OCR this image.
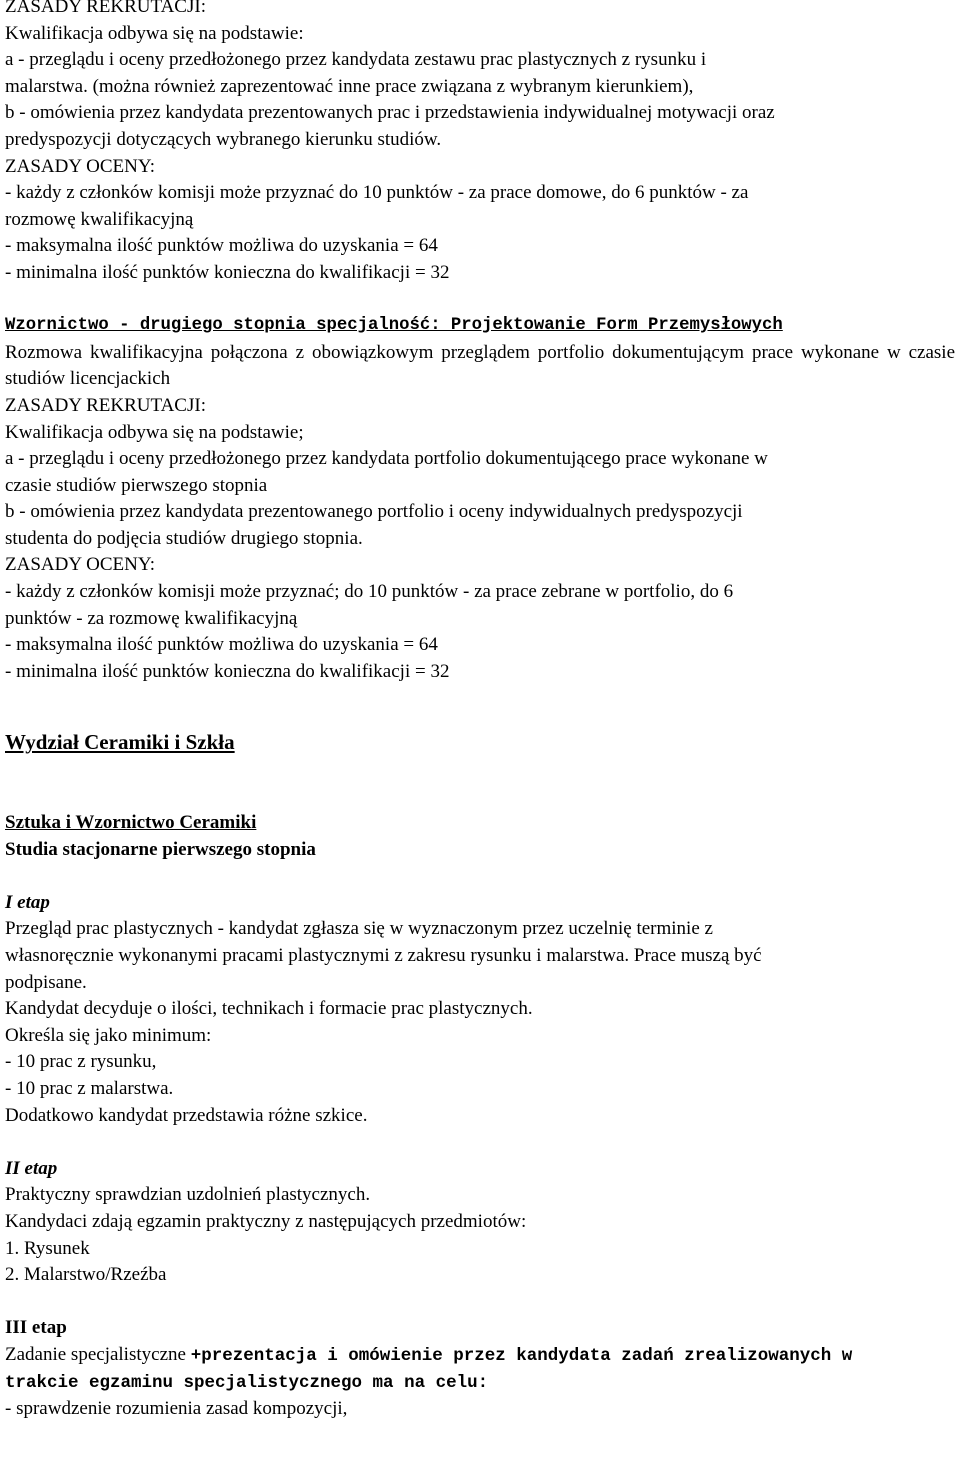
ZASADY REKRUTACJI:
Kwalifikacja odbywa się na podstawie:
a - przeglądu i oceny przedłożonego przez kandydata zestawu prac plastycznych z rysunku i
malarstwa. (można również zaprezentować inne prace związana z wybranym kierunkiem),
b - omówienia przez kandydata prezentowanych prac i przedstawienia indywidualnej motywacji oraz
predyspozycji dotyczących wybranego kierunku studiów.
ZASADY OCENY:
- każdy z członków komisji może przyznać do 10 punktów - za prace domowe, do 6 punktów - za
rozmowę kwalifikacyjną
- maksymalna ilość punktów możliwa do uzyskania = 64
- minimalna ilość punktów konieczna do kwalifikacji = 32
Wzornictwo - drugiego stopnia specjalność: Projektowanie Form Przemysłowych
Rozmowa kwalifikacyjna połączona z obowiązkowym przeglądem portfolio dokumentującym prace wykonane w czasie studiów licencjackich
ZASADY REKRUTACJI:
Kwalifikacja odbywa się na podstawie;
a - przeglądu i oceny przedłożonego przez kandydata portfolio dokumentującego prace wykonane w
czasie studiów pierwszego stopnia
b - omówienia przez kandydata prezentowanego portfolio i oceny indywidualnych predyspozycji
studenta do podjęcia studiów drugiego stopnia.
ZASADY OCENY:
- każdy z członków komisji może przyznać; do 10 punktów - za prace zebrane w portfolio, do 6
punktów - za rozmowę kwalifikacyjną
- maksymalna ilość punktów możliwa do uzyskania = 64
- minimalna ilość punktów konieczna do kwalifikacji = 32
Wydział Ceramiki i Szkła
Sztuka i Wzornictwo Ceramiki
Studia stacjonarne pierwszego stopnia
I etap
Przegląd prac plastycznych - kandydat zgłasza się w wyznaczonym przez uczelnię terminie z
własnoręcznie wykonanymi pracami plastycznymi z zakresu rysunku i malarstwa. Prace muszą być
podpisane.
Kandydat decyduje o ilości, technikach i formacie prac plastycznych.
Określa się jako minimum:
- 10 prac z rysunku,
- 10 prac z malarstwa.
Dodatkowo kandydat przedstawia różne szkice.
II etap
Praktyczny sprawdzian uzdolnień plastycznych.
Kandydaci zdają egzamin praktyczny z następujących przedmiotów:
1. Rysunek
2. Malarstwo/Rzeźba
III etap
Zadanie specjalistyczne +prezentacja i omówienie przez kandydata zadań zrealizowanych w
trakcie egzaminu specjalistycznego ma na celu:
- sprawdzenie rozumienia zasad kompozycji,
